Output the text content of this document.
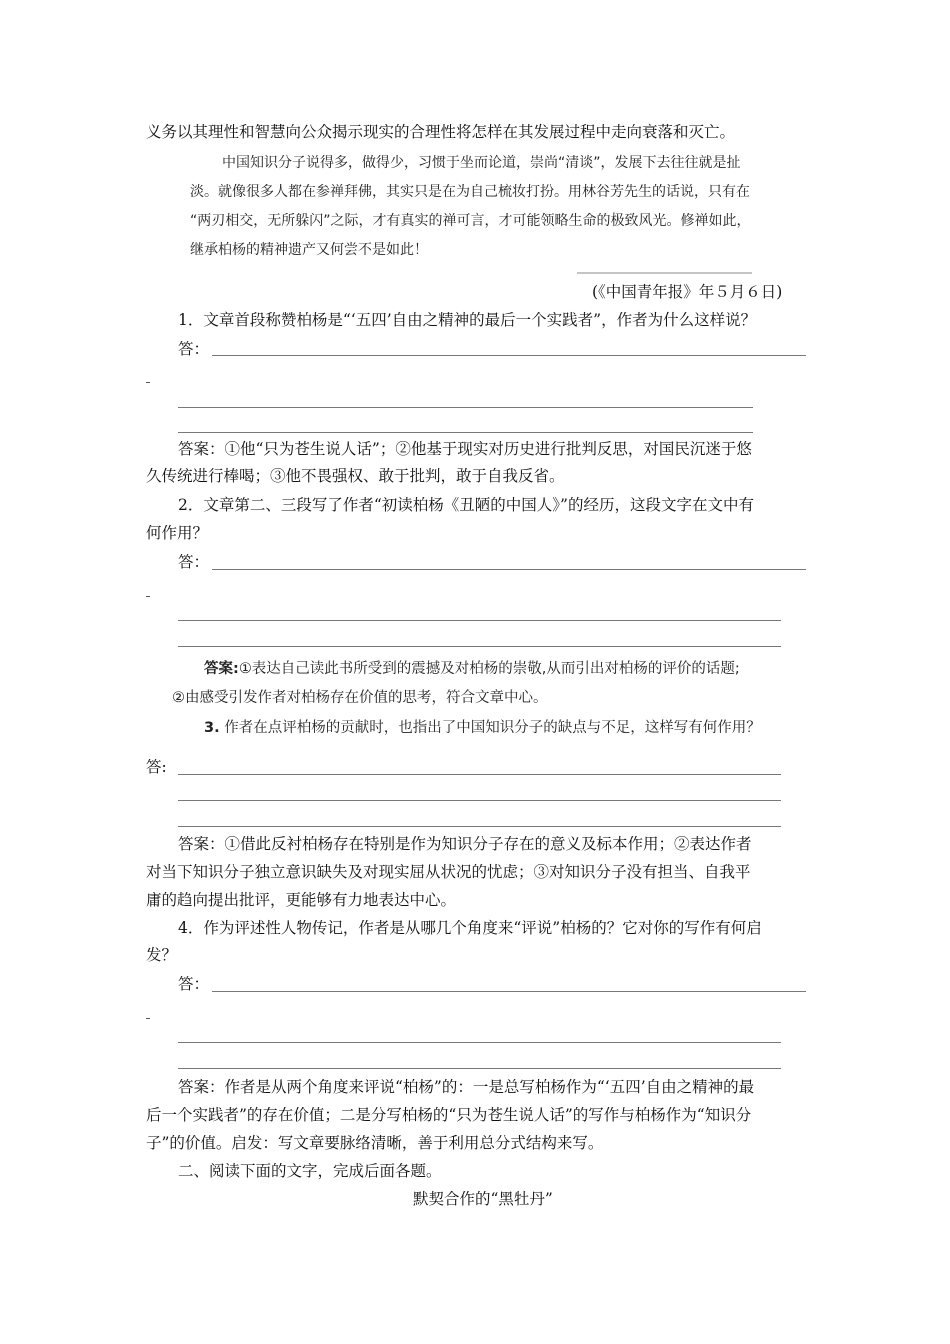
义务以其理性和智慧向公众揭示现实的合理性将怎样在其发展过程中走向衰落和灭亡。
中国知识分子说得多，做得少，习惯于坐而论道，崇尚“清谈”，发展下去往往就是扯
淡。就像很多人都在参禅拜佛，其实只是在为自己梳妆打扮。用林谷芳先生的话说，只有在
“两刃相交，无所躲闪”之际，才有真实的禅可言，才可能领略生命的极致风光。修禅如此，
继承柏杨的精神遗产又何尝不是如此！
(《中国青年报》年５月６日)
1．文章首段称赞柏杨是“‘五四’自由之精神的最后一个实践者”，作者为什么这样说？
答：
答案：①他“只为苍生说人话”；②他基于现实对历史进行批判反思，对国民沉迷于悠
久传统进行棒喝；③他不畏强权、敢于批判，敢于自我反省。
2．文章第二、三段写了作者“初读柏杨《丑陋的中国人》”的经历，这段文字在文中有
何作用？
答：
答案:①表达自己读此书所受到的震撼及对柏杨的崇敬,从而引出对柏杨的评价的话题;
②由感受引发作者对柏杨存在价值的思考，符合文章中心。
3. 作者在点评柏杨的贡献时，也指出了中国知识分子的缺点与不足，这样写有何作用？
答:
答案：①借此反衬柏杨存在特别是作为知识分子存在的意义及标本作用；②表达作者
对当下知识分子独立意识缺失及对现实屈从状况的忧虑；③对知识分子没有担当、自我平
庸的趋向提出批评，更能够有力地表达中心。
4．作为评述性人物传记，作者是从哪几个角度来“评说”柏杨的？它对你的写作有何启
发？
答：
答案：作者是从两个角度来评说“柏杨”的：一是总写柏杨作为“‘五四’自由之精神的最
后一个实践者”的存在价值；二是分写柏杨的“只为苍生说人话”的写作与柏杨作为“知识分
子”的价值。启发：写文章要脉络清晰，善于利用总分式结构来写。
二、阅读下面的文字，完成后面各题。
默契合作的“黑牡丹”
